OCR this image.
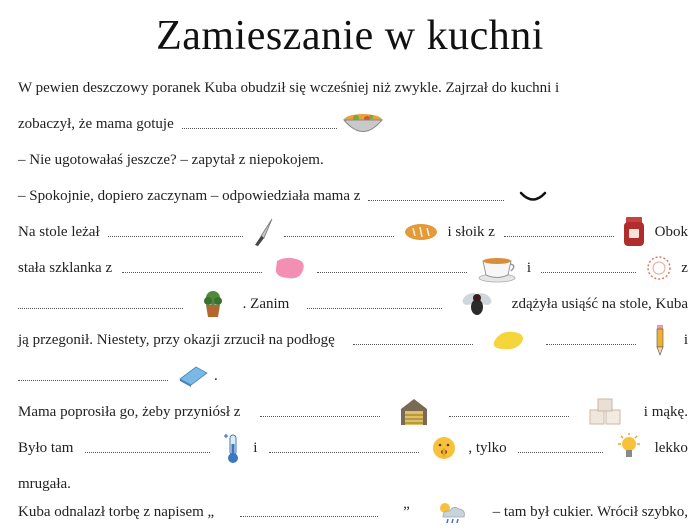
Zamieszanie w kuchni
W pewien deszczowy poranek Kuba obudził się wcześniej niż zwykle. Zajrzał do kuchni i
zobaczył, że mama gotuje
– Nie ugotowałaś jeszcze? – zapytał z niepokojem.
– Spokojnie, dopiero zaczynam – odpowiedziała mama z
Na stole leżał	i słoik z	Obok
stała szklanka z	i	z
. Zanim	zdążyła usiąść na stole, Kuba
ją przegonił. Niestety, przy okazji zrzucił na podłogę	i
.
Mama poprosiła go, żeby przyniósł z	i mąkę.
Było tam	i	, tylko	lekko
mrugała.
Kuba odnalazł torbę z napisem „	”	– tam był cukier. Wrócił szybko,
